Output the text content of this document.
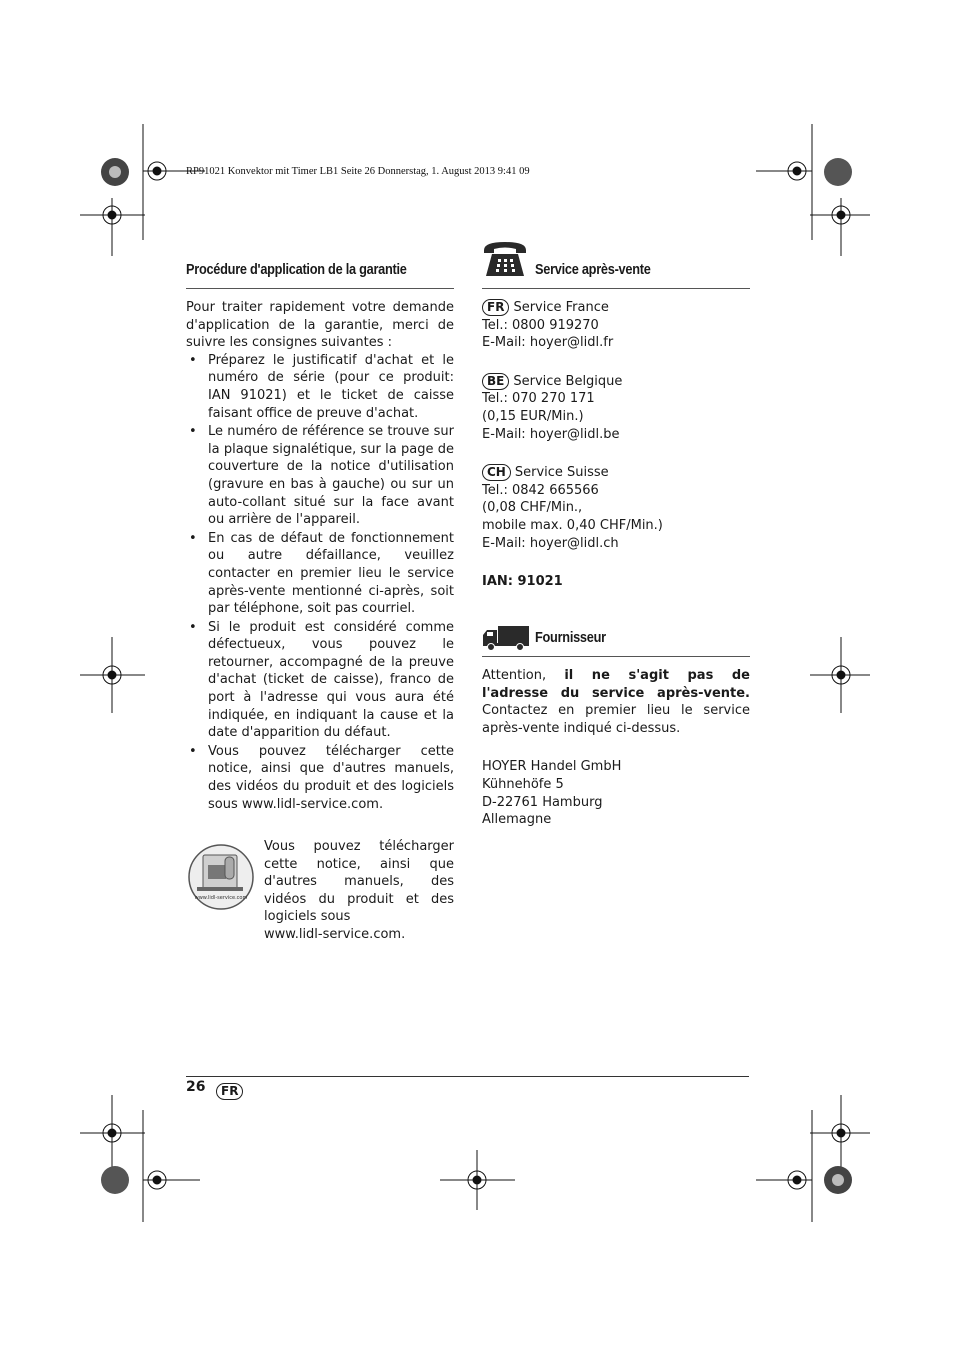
RP91021 Konvektor mit Timer LB1 Seite 26 Donnerstag, 1. August 2013 9:41 09
Procédure d'application de la garantie
Pour traiter rapidement votre demande d'application de la garantie, merci de suivre les consignes suivantes :
• Préparez le justificatif d'achat et le numéro de série (pour ce produit: IAN 91021) et le ticket de caisse faisant office de preuve d'achat.
• Le numéro de référence se trouve sur la plaque signalétique, sur la page de couverture de la notice d'utilisation (gravure en bas à gauche) ou sur un auto-collant situé sur la face avant ou arrière de l'appareil.
• En cas de défaut de fonctionnement ou autre défaillance, veuillez contacter en premier lieu le service après-vente mentionné ci-après, soit par téléphone, soit pas courriel.
• Si le produit est considéré comme défectueux, vous pouvez le retourner, accompagné de la preuve d'achat (ticket de caisse), franco de port à l'adresse qui vous aura été indiquée, en indiquant la cause et la date d'apparition du défaut.
• Vous pouvez télécharger cette notice, ainsi que d'autres manuels, des vidéos du produit et des logiciels sous www.lidl-service.com.
www.lidl-service.com
Vous pouvez télécharger cette notice, ainsi que d'autres manuels, des vidéos du produit et des logiciels sous
www.lidl-service.com.
Service après-vente
FR Service France
Tel.: 0800 919270
E-Mail: hoyer@lidl.fr
BE Service Belgique
Tel.: 070 270 171
(0,15 EUR/Min.)
E-Mail: hoyer@lidl.be
CH Service Suisse
Tel.: 0842 665566
(0,08 CHF/Min.,
mobile max. 0,40 CHF/Min.)
E-Mail: hoyer@lidl.ch
IAN: 91021
Fournisseur
Attention, il ne s'agit pas de l'adresse du service après-vente. Contactez en premier lieu le service après-vente indiqué ci-dessus.
HOYER Handel GmbH
Kühnehöfe 5
D-22761 Hamburg
Allemagne
26	FR
